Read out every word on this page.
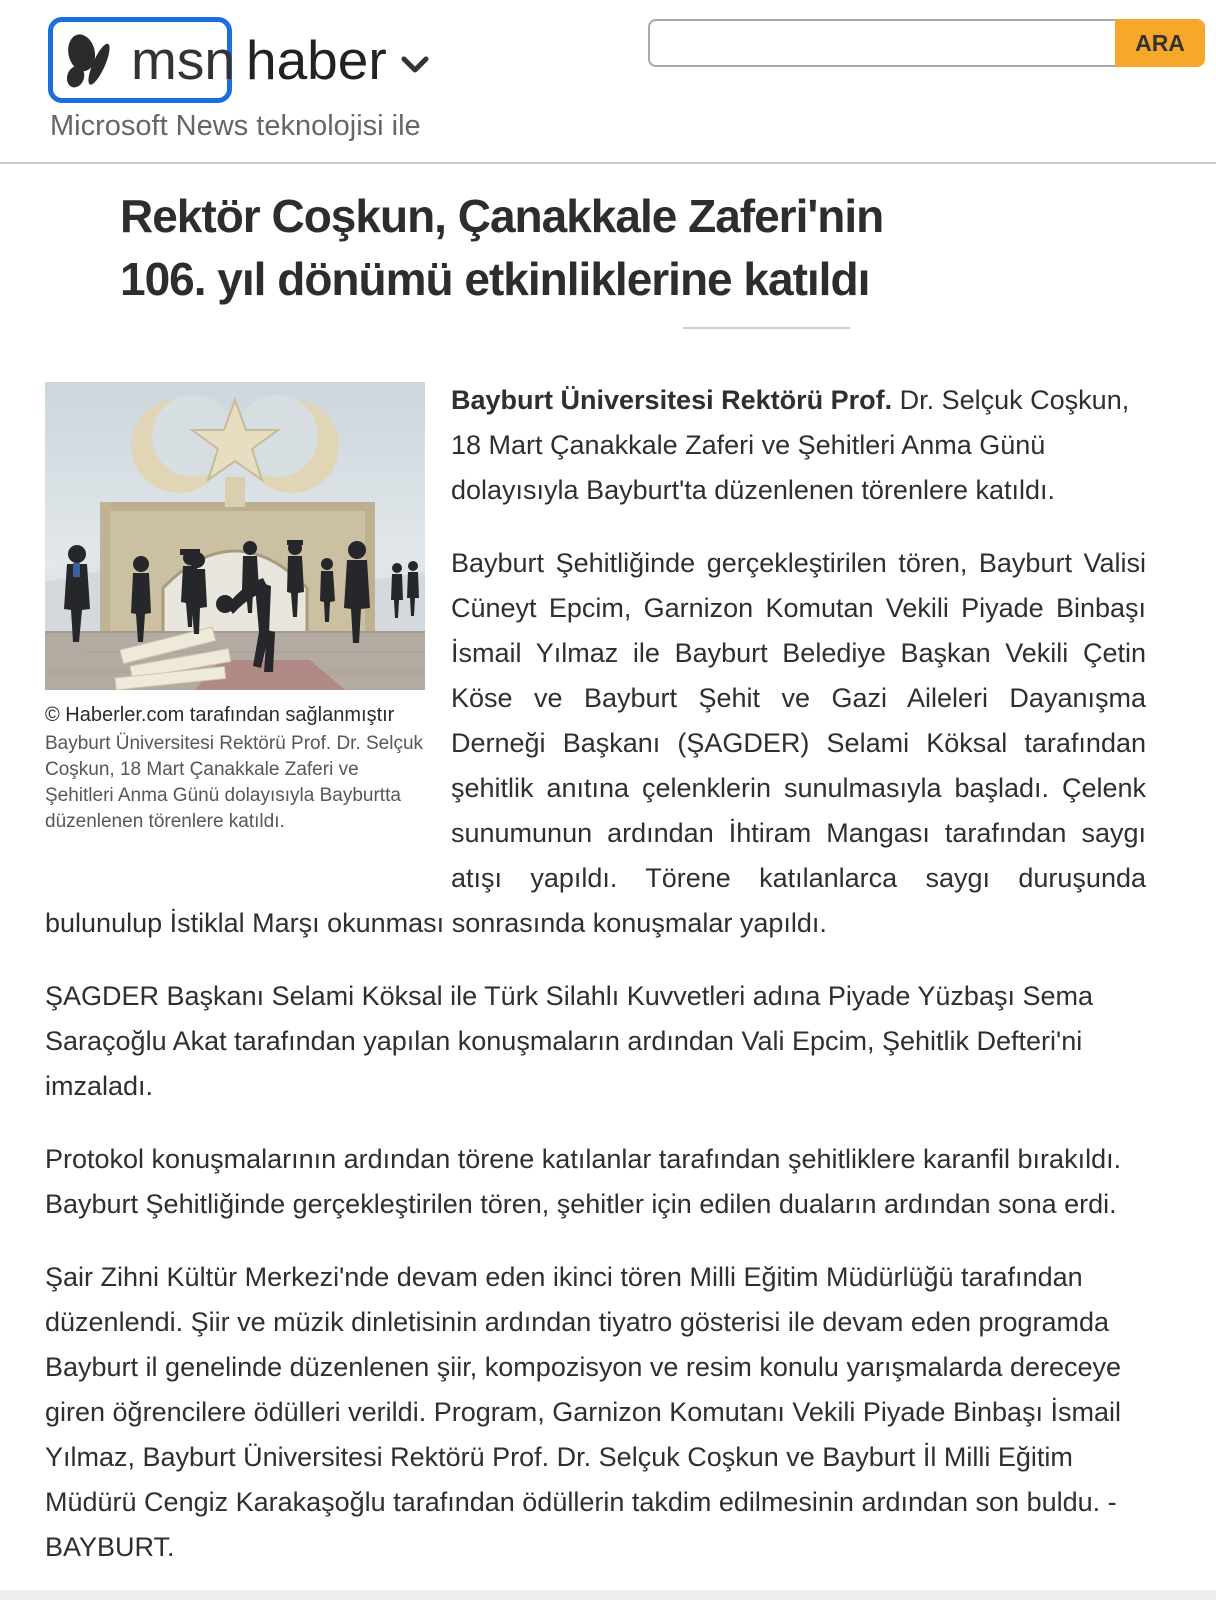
msn haber
Microsoft News teknolojisi ile
ARA
Rektör Coşkun, Çanakkale Zaferi'nin
106. yıl dönümü etkinliklerine katıldı
© Haberler.com tarafından sağlanmıştır
Bayburt Üniversitesi Rektörü Prof. Dr. Selçuk Coşkun, 18 Mart Çanakkale Zaferi ve Şehitleri Anma Günü dolayısıyla Bayburtta düzenlenen törenlere katıldı.

Bayburt Üniversitesi Rektörü Prof. Dr. Selçuk Coşkun, 18 Mart Çanakkale Zaferi ve Şehitleri Anma Günü dolayısıyla Bayburt'ta düzenlenen törenlere katıldı.

Bayburt Şehitliğinde gerçekleştirilen tören, Bayburt Valisi Cüneyt Epcim, Garnizon Komutan Vekili Piyade Binbaşı İsmail Yılmaz ile Bayburt Belediye Başkan Vekili Çetin Köse ve Bayburt Şehit ve Gazi Aileleri Dayanışma Derneği Başkanı (ŞAGDER) Selami Köksal tarafından şehitlik anıtına çelenklerin sunulmasıyla başladı. Çelenk sunumunun ardından İhtiram Mangası tarafından saygı atışı yapıldı. Törene katılanlarca saygı duruşunda bulunulup İstiklal Marşı okunması sonrasında konuşmalar yapıldı.

ŞAGDER Başkanı Selami Köksal ile Türk Silahlı Kuvvetleri adına Piyade Yüzbaşı Sema Saraçoğlu Akat tarafından yapılan konuşmaların ardından Vali Epcim, Şehitlik Defteri'ni imzaladı.

Protokol konuşmalarının ardından törene katılanlar tarafından şehitliklere karanfil bırakıldı. Bayburt Şehitliğinde gerçekleştirilen tören, şehitler için edilen duaların ardından sona erdi.

Şair Zihni Kültür Merkezi'nde devam eden ikinci tören Milli Eğitim Müdürlüğü tarafından düzenlendi. Şiir ve müzik dinletisinin ardından tiyatro gösterisi ile devam eden programda Bayburt il genelinde düzenlenen şiir, kompozisyon ve resim konulu yarışmalarda dereceye giren öğrencilere ödülleri verildi. Program, Garnizon Komutanı Vekili Piyade Binbaşı İsmail Yılmaz, Bayburt Üniversitesi Rektörü Prof. Dr. Selçuk Coşkun ve Bayburt İl Milli Eğitim Müdürü Cengiz Karakaşoğlu tarafından ödüllerin takdim edilmesinin ardından son buldu. - BAYBURT.
